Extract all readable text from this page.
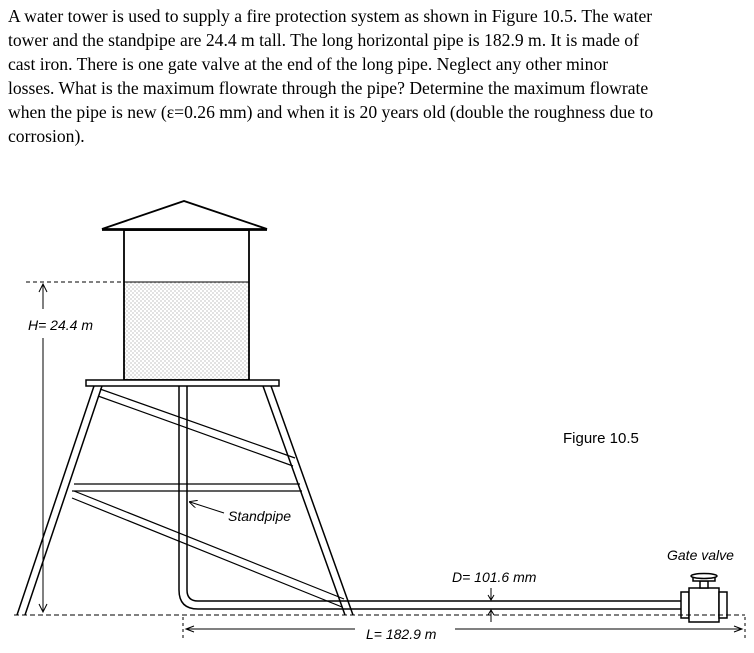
A water tower is used to supply a fire protection system as shown in Figure 10.5. The water
tower and the standpipe are 24.4 m tall. The long horizontal pipe is 182.9 m. It is made of
cast iron. There is one gate valve at the end of the long pipe. Neglect any other minor
losses. What is the maximum flowrate through the pipe? Determine the maximum flowrate
when the pipe is new (ε=0.26 mm) and when it is 20 years old (double the roughness due to
corrosion).
H= 24.4 m
Standpipe
Figure 10.5
Gate valve
D= 101.6 mm
L= 182.9 m
